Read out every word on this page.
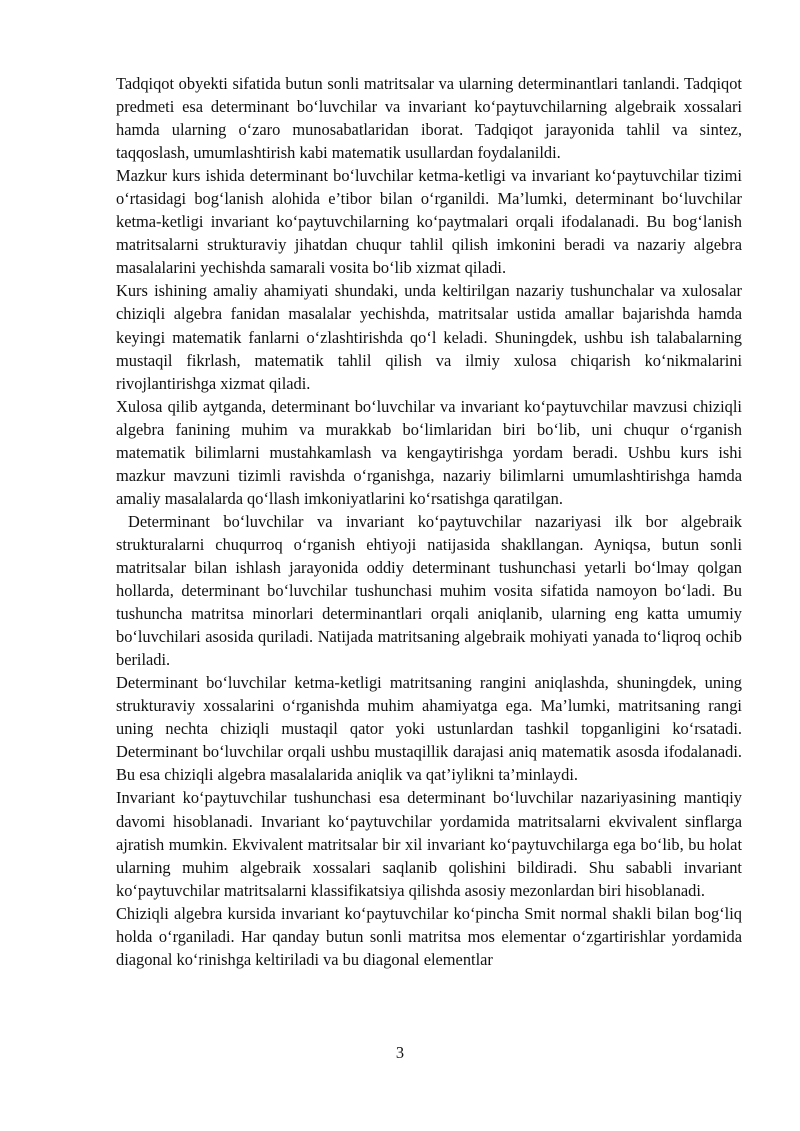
Tadqiqot obyekti sifatida butun sonli matritsalar va ularning determinantlari tanlandi. Tadqiqot predmeti esa determinant boʻluvchilar va invariant koʻpaytuvchilarning algebraik xossalari hamda ularning oʻzaro munosabatlaridan iborat. Tadqiqot jarayonida tahlil va sintez, taqqoslash, umumlashtirish kabi matematik usullardan foydalanildi.

Mazkur kurs ishida determinant boʻluvchilar ketma-ketligi va invariant koʻpaytuvchilar tizimi oʻrtasidagi bogʻlanish alohida e’tibor bilan oʻrganildi. Ma’lumki, determinant boʻluvchilar ketma-ketligi invariant koʻpaytuvchilarning koʻpaytmalari orqali ifodalanadi. Bu bogʻlanish matritsalarni strukturaviy jihatdan chuqur tahlil qilish imkonini beradi va nazariy algebra masalalarini yechishda samarali vosita boʻlib xizmat qiladi.

Kurs ishining amaliy ahamiyati shundaki, unda keltirilgan nazariy tushunchalar va xulosalar chiziqli algebra fanidan masalalar yechishda, matritsalar ustida amallar bajarishda hamda keyingi matematik fanlarni oʻzlashtirishda qoʻl keladi. Shuningdek, ushbu ish talabalarning mustaqil fikrlash, matematik tahlil qilish va ilmiy xulosa chiqarish koʻnikmalarini rivojlantirishga xizmat qiladi.

Xulosa qilib aytganda, determinant boʻluvchilar va invariant koʻpaytuvchilar mavzusi chiziqli algebra fanining muhim va murakkab boʻlimlaridan biri boʻlib, uni chuqur oʻrganish matematik bilimlarni mustahkamlash va kengaytirishga yordam beradi. Ushbu kurs ishi mazkur mavzuni tizimli ravishda oʻrganishga, nazariy bilimlarni umumlashtirishga hamda amaliy masalalarda qoʻllash imkoniyatlarini koʻrsatishga qaratilgan.

Determinant boʻluvchilar va invariant koʻpaytuvchilar nazariyasi ilk bor algebraik strukturalarni chuqurroq oʻrganish ehtiyoji natijasida shakllangan. Ayniqsa, butun sonli matritsalar bilan ishlash jarayonida oddiy determinant tushunchasi yetarli boʻlmay qolgan hollarda, determinant boʻluvchilar tushunchasi muhim vosita sifatida namoyon boʻladi. Bu tushuncha matritsa minorlari determinantlari orqali aniqlanib, ularning eng katta umumiy boʻluvchilari asosida quriladi. Natijada matritsaning algebraik mohiyati yanada toʻliqroq ochib beriladi.

Determinant boʻluvchilar ketma-ketligi matritsaning rangini aniqlashda, shuningdek, uning strukturaviy xossalarini oʻrganishda muhim ahamiyatga ega. Ma’lumki, matritsaning rangi uning nechta chiziqli mustaqil qator yoki ustunlardan tashkil topganligini koʻrsatadi. Determinant boʻluvchilar orqali ushbu mustaqillik darajasi aniq matematik asosda ifodalanadi. Bu esa chiziqli algebra masalalarida aniqlik va qat’iylikni ta’minlaydi.

Invariant koʻpaytuvchilar tushunchasi esa determinant boʻluvchilar nazariyasining mantiqiy davomi hisoblanadi. Invariant koʻpaytuvchilar yordamida matritsalarni ekvivalent sinflarga ajratish mumkin. Ekvivalent matritsalar bir xil invariant koʻpaytuvchilarga ega boʻlib, bu holat ularning muhim algebraik xossalari saqlanib qolishini bildiradi. Shu sababli invariant koʻpaytuvchilar matritsalarni klassifikatsiya qilishda asosiy mezonlardan biri hisoblanadi.

Chiziqli algebra kursida invariant koʻpaytuvchilar koʻpincha Smit normal shakli bilan bogʻliq holda oʻrganiladi. Har qanday butun sonli matritsa mos elementar oʻzgartirishlar yordamida diagonal koʻrinishga keltiriladi va bu diagonal elementlar

3
